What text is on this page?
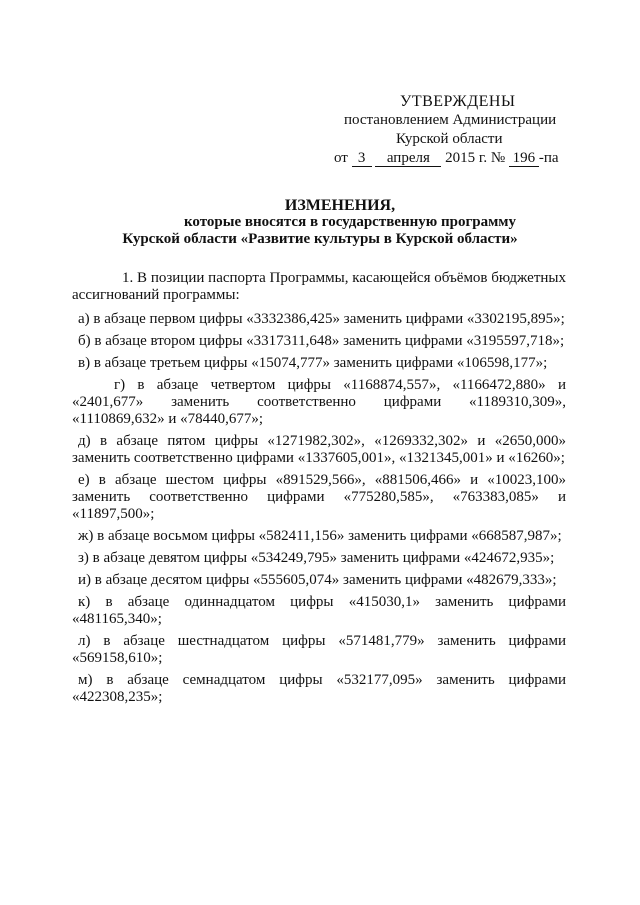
УТВЕРЖДЕНЫ
постановлением Администрации
Курской области
от 3 апреля 2015 г. № 196 -па
ИЗМЕНЕНИЯ,
которые вносятся в государственную программу
Курской области «Развитие культуры в Курской области»
1. В позиции паспорта Программы, касающейся объёмов бюджетных ассигнований программы:
а) в абзаце первом цифры «3332386,425» заменить цифрами «3302195,895»;
б) в абзаце втором цифры «3317311,648» заменить цифрами «3195597,718»;
в) в абзаце третьем цифры «15074,777» заменить цифрами «106598,177»;
г) в абзаце четвертом цифры «1168874,557», «1166472,880» и «2401,677» заменить соответственно цифрами «1189310,309», «1110869,632» и «78440,677»;
д) в абзаце пятом цифры «1271982,302», «1269332,302» и «2650,000» заменить соответственно цифрами «1337605,001», «1321345,001» и «16260»;
е) в абзаце шестом цифры «891529,566», «881506,466» и «10023,100» заменить соответственно цифрами «775280,585», «763383,085» и «11897,500»;
ж) в абзаце восьмом цифры «582411,156» заменить цифрами «668587,987»;
з) в абзаце девятом цифры «534249,795» заменить цифрами «424672,935»;
и) в абзаце десятом цифры «555605,074» заменить цифрами «482679,333»;
к) в абзаце одиннадцатом цифры «415030,1» заменить цифрами «481165,340»;
л) в абзаце шестнадцатом цифры «571481,779» заменить цифрами «569158,610»;
м) в абзаце семнадцатом цифры «532177,095» заменить цифрами «422308,235»;
